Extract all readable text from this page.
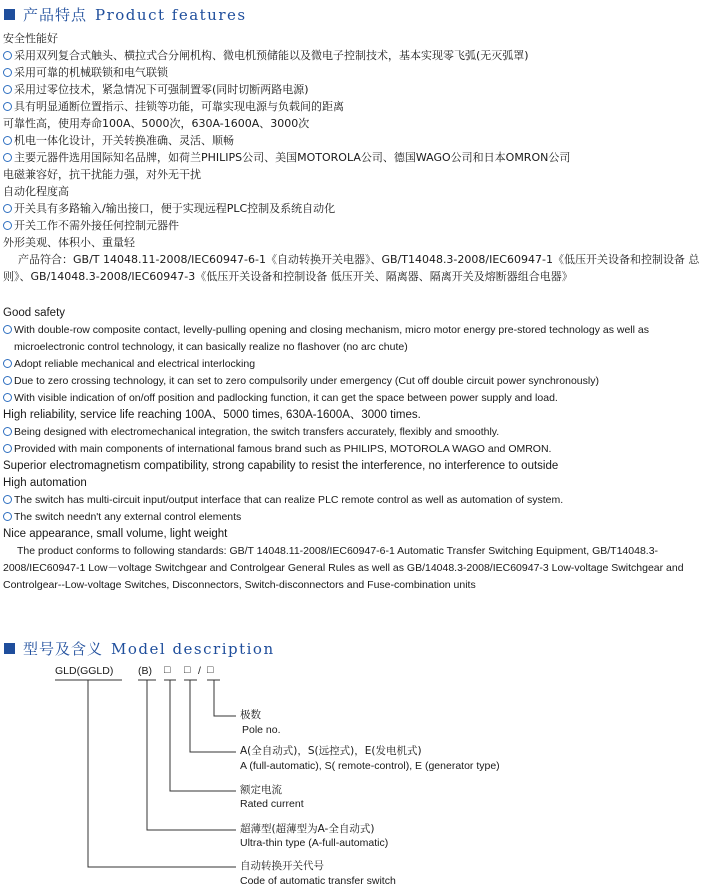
产品特点 Product features
安全性能好
采用双列复合式触头、横拉式合分闸机构、微电机预储能以及微电子控制技术，基本实现零飞弧(无灭弧罩)
采用可靠的机械联锁和电气联锁
采用过零位技术，紧急情况下可强制置零(同时切断两路电源)
具有明显通断位置指示、挂锁等功能，可靠实现电源与负载间的距离
可靠性高，使用寿命100A、5000次，630A-1600A、3000次
机电一体化设计，开关转换准确、灵活、顺畅
主要元器件选用国际知名品牌，如荷兰PHILIPS公司、美国MOTOROLA公司、德国WAGO公司和日本OMRON公司
电磁兼容好，抗干扰能力强，对外无干扰
自动化程度高
开关具有多路输入/输出接口，便于实现远程PLC控制及系统自动化
开关工作不需外接任何控制元器件
外形美观、体积小、重量轻
产品符合：GB/T 14048.11-2008/IEC60947-6-1《自动转换开关电器》、GB/T14048.3-2008/IEC60947-1《低压开关设备和控制设备 总则》、GB/14048.3-2008/IEC60947-3《低压开关设备和控制设备 低压开关、隔离器、隔离开关及熔断器组合电器》
Good safety
With double-row composite contact, levelly-pulling opening and closing mechanism, micro motor energy pre-stored technology as well as
microelectronic control technology, it can basically realize no flashover (no arc chute)
Adopt reliable mechanical and electrical interlocking
Due to zero crossing technology, it can set to zero compulsorily under emergency (Cut off double circuit power synchronously)
With visible indication of on/off position and padlocking function, it can get the space between power supply and load.
High reliability, service life reaching 100A、5000 times, 630A-1600A、3000 times.
Being designed with electromechanical integration, the switch transfers accurately, flexibly and smoothly.
Provided with main components of international famous brand such as PHILIPS, MOTOROLA WAGO and OMRON.
Superior electromagnetism compatibility, strong capability to resist the interference, no interference to outside
High automation
The switch has multi-circuit input/output interface that can realize PLC remote control as well as automation of system.
The switch needn't any external control elements
Nice appearance, small volume, light weight
The product conforms to following standards: GB/T 14048.11-2008/IEC60947-6-1 Automatic Transfer Switching Equipment, GB/T14048.3-2008/IEC60947-1 Low－voltage Switchgear and Controlgear General Rules as well as GB/14048.3-2008/IEC60947-3 Low-voltage Switchgear and Controlgear--Low-voltage Switches, Disconnectors, Switch-disconnectors and Fuse-combination units
型号及含义 Model description
GLD(GGLD) (B) □ □ / □
极数
Pole no.
A(全自动式)，S(远控式)，E(发电机式)
A (full-automatic), S( remote-control), E (generator type)
额定电流
Rated current
超薄型(超薄型为A-全自动式)
Ultra-thin type (A-full-automatic)
自动转换开关代号
Code of automatic transfer switch
